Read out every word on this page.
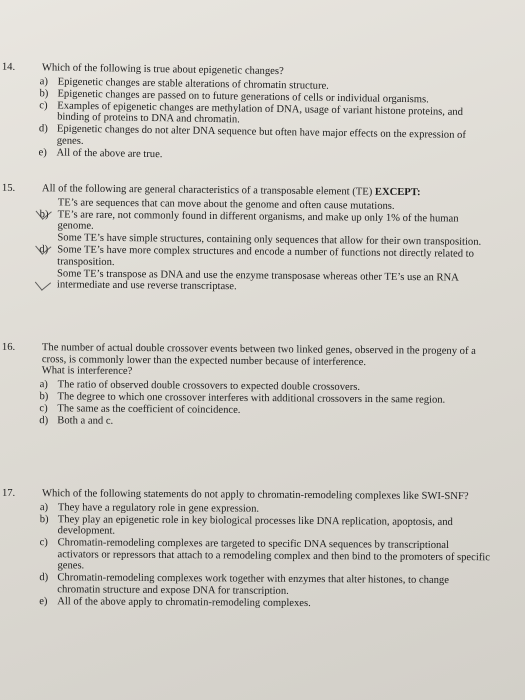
14.	Which of the following is true about epigenetic changes?
a) Epigenetic changes are stable alterations of chromatin structure.
b) Epigenetic changes are passed on to future generations of cells or individual organisms.
c) Examples of epigenetic changes are methylation of DNA, usage of variant histone proteins, and binding of proteins to DNA and chromatin.
d) Epigenetic changes do not alter DNA sequence but often have major effects on the expression of genes.
e) All of the above are true.
15.	All of the following are general characteristics of a transposable element (TE) EXCEPT:
TE’s are sequences that can move about the genome and often cause mutations.
b) TE’s are rare, not commonly found in different organisms, and make up only 1% of the human genome.
Some TE’s have simple structures, containing only sequences that allow for their own transposition.
d) Some TE’s have more complex structures and encode a number of functions not directly related to transposition.
Some TE’s transpose as DNA and use the enzyme transposase whereas other TE’s use an RNA intermediate and use reverse transcriptase.
16.	The number of actual double crossover events between two linked genes, observed in the progeny of a cross, is commonly lower than the expected number because of interference.
What is interference?
a) The ratio of observed double crossovers to expected double crossovers.
b) The degree to which one crossover interferes with additional crossovers in the same region.
c) The same as the coefficient of coincidence.
d) Both a and c.
17.	Which of the following statements do not apply to chromatin-remodeling complexes like SWI-SNF?
a) They have a regulatory role in gene expression.
b) They play an epigenetic role in key biological processes like DNA replication, apoptosis, and development.
c) Chromatin-remodeling complexes are targeted to specific DNA sequences by transcriptional activators or repressors that attach to a remodeling complex and then bind to the promoters of specific genes.
d) Chromatin-remodeling complexes work together with enzymes that alter histones, to change chromatin structure and expose DNA for transcription.
e) All of the above apply to chromatin-remodeling complexes.
